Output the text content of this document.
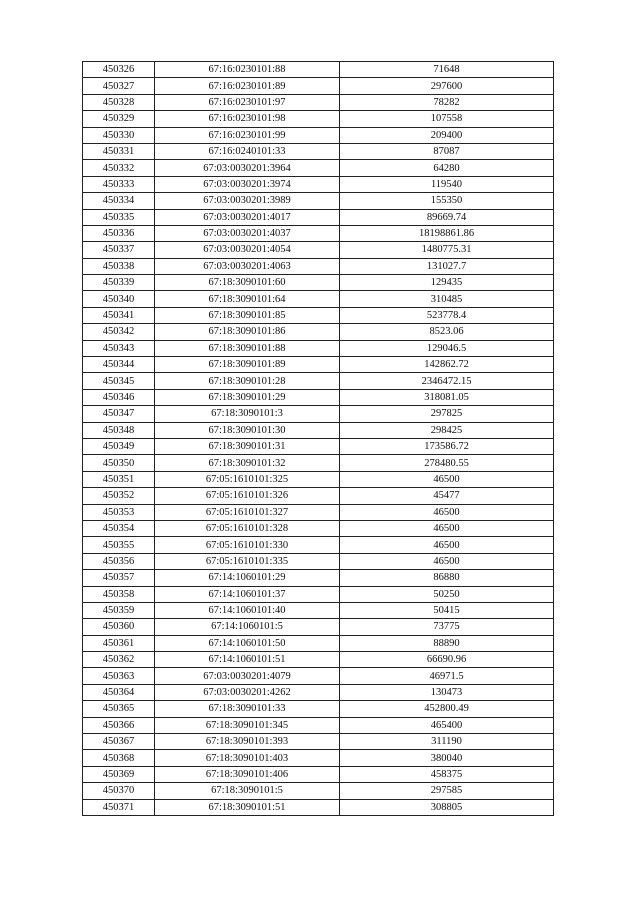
450326	67:16:0230101:88	71648
450327	67:16:0230101:89	297600
450328	67:16:0230101:97	78282
450329	67:16:0230101:98	107558
450330	67:16:0230101:99	209400
450331	67:16:0240101:33	87087
450332	67:03:0030201:3964	64280
450333	67:03:0030201:3974	119540
450334	67:03:0030201:3989	155350
450335	67:03:0030201:4017	89669.74
450336	67:03:0030201:4037	18198861.86
450337	67:03:0030201:4054	1480775.31
450338	67:03:0030201:4063	131027.7
450339	67:18:3090101:60	129435
450340	67:18:3090101:64	310485
450341	67:18:3090101:85	523778.4
450342	67:18:3090101:86	8523.06
450343	67:18:3090101:88	129046.5
450344	67:18:3090101:89	142862.72
450345	67:18:3090101:28	2346472.15
450346	67:18:3090101:29	318081.05
450347	67:18:3090101:3	297825
450348	67:18:3090101:30	298425
450349	67:18:3090101:31	173586.72
450350	67:18:3090101:32	278480.55
450351	67:05:1610101:325	46500
450352	67:05:1610101:326	45477
450353	67:05:1610101:327	46500
450354	67:05:1610101:328	46500
450355	67:05:1610101:330	46500
450356	67:05:1610101:335	46500
450357	67:14:1060101:29	86880
450358	67:14:1060101:37	50250
450359	67:14:1060101:40	50415
450360	67:14:1060101:5	73775
450361	67:14:1060101:50	88890
450362	67:14:1060101:51	66690.96
450363	67:03:0030201:4079	46971.5
450364	67:03:0030201:4262	130473
450365	67:18:3090101:33	452800.49
450366	67:18:3090101:345	465400
450367	67:18:3090101:393	311190
450368	67:18:3090101:403	380040
450369	67:18:3090101:406	458375
450370	67:18:3090101:5	297585
450371	67:18:3090101:51	308805
